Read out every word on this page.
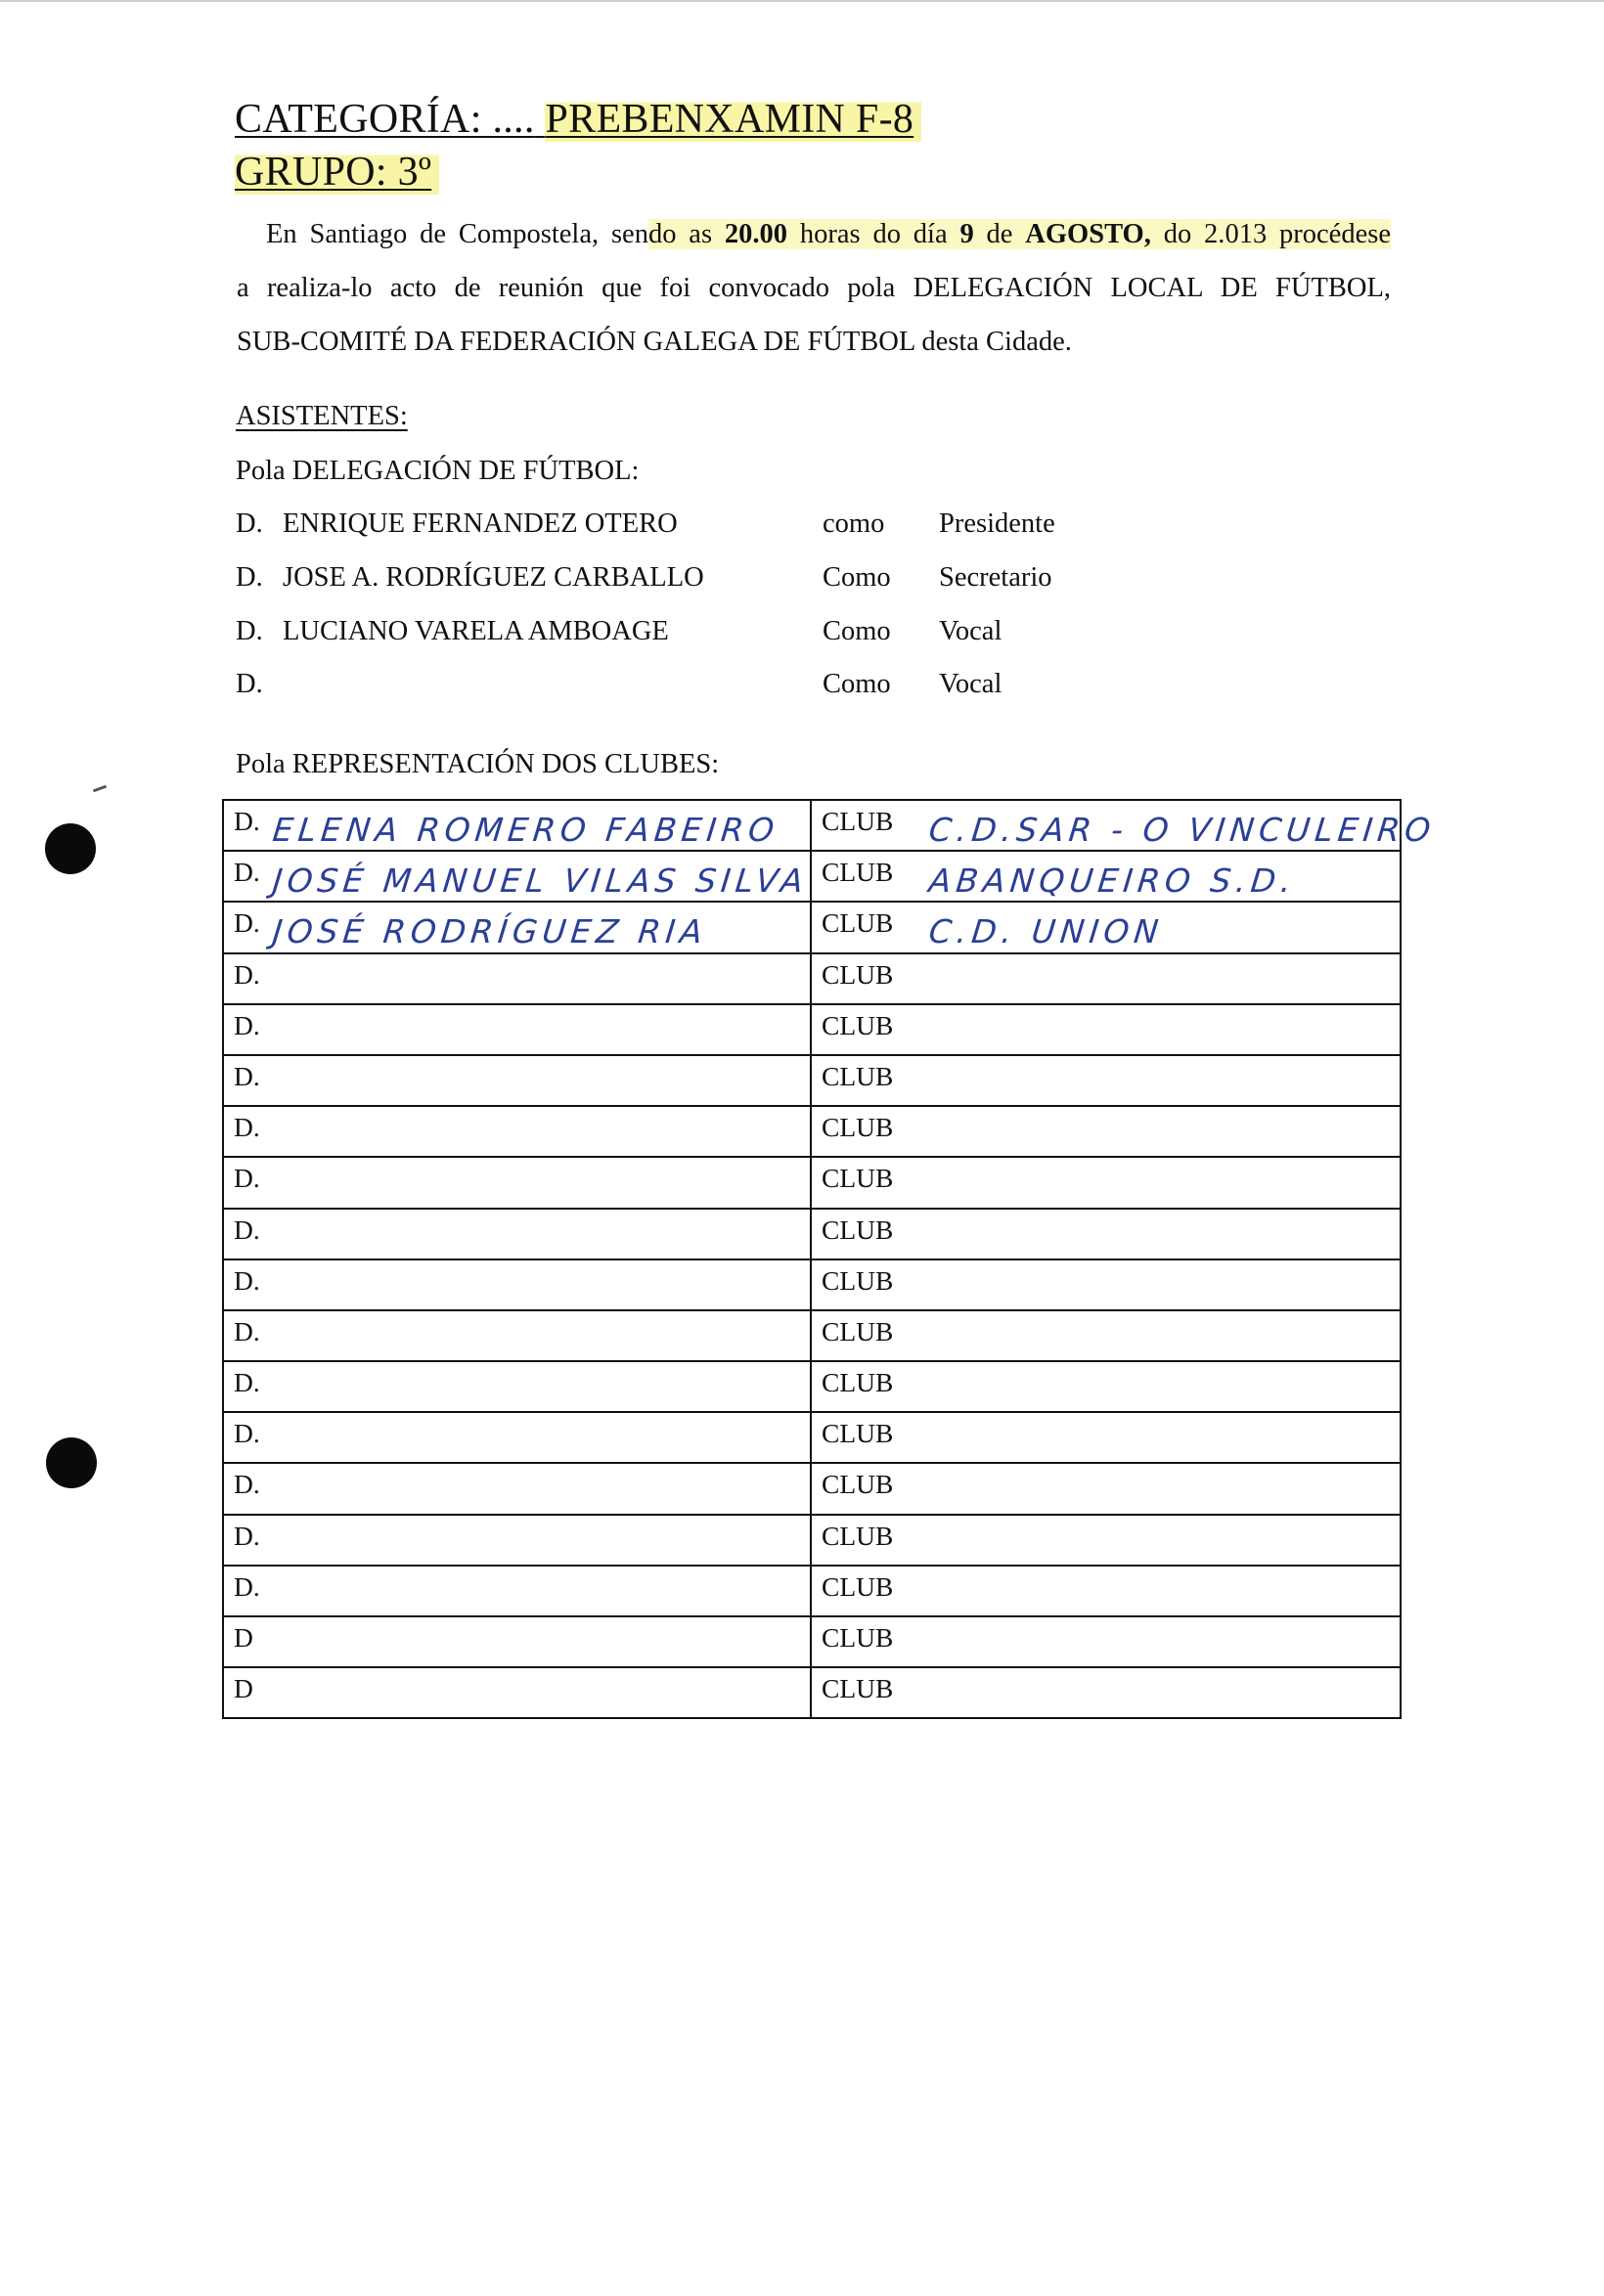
CATEGORÍA: .... PREBENXAMIN F-8
GRUPO: 3º
En Santiago de Compostela, sendo as 20.00 horas do día 9 de AGOSTO, do 2.013 procédese
a realiza-lo acto de reunión que foi convocado pola DELEGACIÓN LOCAL DE FÚTBOL,
SUB-COMITÉ DA FEDERACIÓN GALEGA DE FÚTBOL desta Cidade.
ASISTENTES:
Pola DELEGACIÓN DE FÚTBOL:
D. ENRIQUE FERNANDEZ OTERO	como Presidente
D. JOSE A. RODRÍGUEZ CARBALLO	Como Secretario
D. LUCIANO VARELA AMBOAGE	Como Vocal
D.	Como Vocal
Pola REPRESENTACIÓN DOS CLUBES:
D. ELENA ROMERO FABEIRO	CLUB C.D.SAR - O VINCULEIRO

D. JOSÉ MANUEL VILAS SILVA	CLUB ABANQUEIRO S.D.

D. JOSÉ RODRÍGUEZ RIA	CLUB C.D. UNION

D.	CLUB

D.	CLUB

D.	CLUB

D.	CLUB

D.	CLUB

D.	CLUB

D.	CLUB

D.	CLUB

D.	CLUB

D.	CLUB

D.	CLUB

D.	CLUB

D.	CLUB

D	CLUB

D	CLUB
